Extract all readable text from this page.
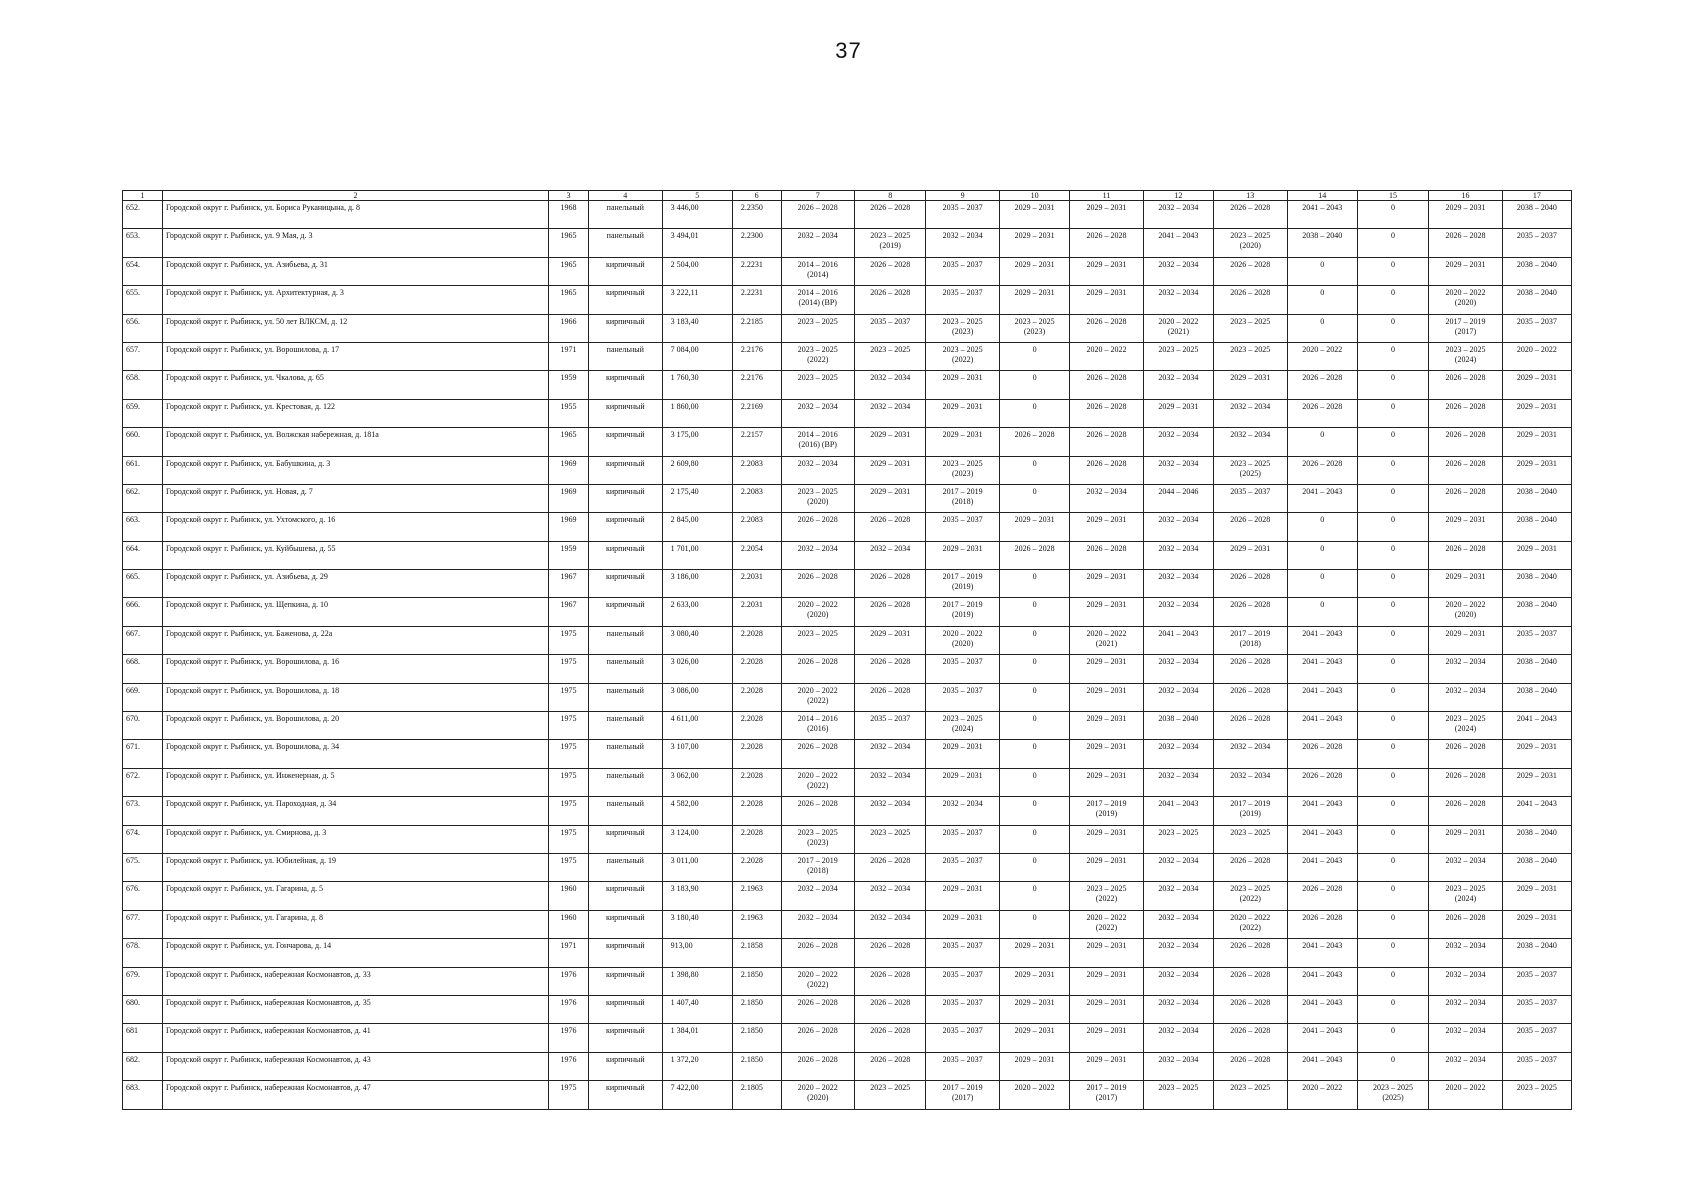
37
1	2	3	4	5	6	7	8	9	10	11	12	13	14	15	16	17

652.	Городской округ г. Рыбинск, ул. Бориса Руканицына, д. 8	1968	панельный	3 446,00	2.2350	2026 – 2028	2026 – 2028	2035 – 2037	2029 – 2031	2029 – 2031	2032 – 2034	2026 – 2028	2041 – 2043	0	2029 – 2031	2038 – 2040

653.	Городской округ г. Рыбинск, ул. 9 Мая, д. 3	1965	панельный	3 494,01	2.2300	2032 – 2034	2023 – 2025
(2019)	2032 – 2034	2029 – 2031	2026 – 2028	2041 – 2043	2023 – 2025
(2020)	2038 – 2040	0	2026 – 2028	2035 – 2037

654.	Городской округ г. Рыбинск, ул. Азибьева, д. 31	1965	кирпичный	2 504,00	2.2231	2014 – 2016
(2014)	2026 – 2028	2035 – 2037	2029 – 2031	2029 – 2031	2032 – 2034	2026 – 2028	0	0	2029 – 2031	2038 – 2040

655.	Городской округ г. Рыбинск, ул. Архитектурная, д. 3	1965	кирпичный	3 222,11	2.2231	2014 – 2016
(2014) (ВР)	2026 – 2028	2035 – 2037	2029 – 2031	2029 – 2031	2032 – 2034	2026 – 2028	0	0	2020 – 2022
(2020)	2038 – 2040

656.	Городской округ г. Рыбинск, ул. 50 лет ВЛКСМ, д. 12	1966	кирпичный	3 183,40	2.2185	2023 – 2025	2035 – 2037	2023 – 2025
(2023)	2023 – 2025
(2023)	2026 – 2028	2020 – 2022
(2021)	2023 – 2025	0	0	2017 – 2019
(2017)	2035 – 2037

657.	Городской округ г. Рыбинск, ул. Ворошилова, д. 17	1971	панельный	7 084,00	2.2176	2023 – 2025
(2022)	2023 – 2025	2023 – 2025
(2022)	0	2020 – 2022	2023 – 2025	2023 – 2025	2020 – 2022	0	2023 – 2025
(2024)	2020 – 2022

658.	Городской округ г. Рыбинск, ул. Чкалова, д. 65	1959	кирпичный	1 760,30	2.2176	2023 – 2025	2032 – 2034	2029 – 2031	0	2026 – 2028	2032 – 2034	2029 – 2031	2026 – 2028	0	2026 – 2028	2029 – 2031

659.	Городской округ г. Рыбинск, ул. Крестовая, д. 122	1955	кирпичный	1 860,00	2.2169	2032 – 2034	2032 – 2034	2029 – 2031	0	2026 – 2028	2029 – 2031	2032 – 2034	2026 – 2028	0	2026 – 2028	2029 – 2031

660.	Городской округ г. Рыбинск, ул. Волжская набережная, д. 181а	1965	кирпичный	3 175,00	2.2157	2014 – 2016
(2016) (ВР)	2029 – 2031	2029 – 2031	2026 – 2028	2026 – 2028	2032 – 2034	2032 – 2034	0	0	2026 – 2028	2029 – 2031

661.	Городской округ г. Рыбинск, ул. Бабушкина, д. 3	1969	кирпичный	2 609,80	2.2083	2032 – 2034	2029 – 2031	2023 – 2025
(2023)	0	2026 – 2028	2032 – 2034	2023 – 2025
(2025)	2026 – 2028	0	2026 – 2028	2029 – 2031

662.	Городской округ г. Рыбинск, ул. Новая, д. 7	1969	кирпичный	2 175,40	2.2083	2023 – 2025
(2020)	2029 – 2031	2017 – 2019
(2018)	0	2032 – 2034	2044 – 2046	2035 – 2037	2041 – 2043	0	2026 – 2028	2038 – 2040

663.	Городской округ г. Рыбинск, ул. Ухтомского, д. 16	1969	кирпичный	2 845,00	2.2083	2026 – 2028	2026 – 2028	2035 – 2037	2029 – 2031	2029 – 2031	2032 – 2034	2026 – 2028	0	0	2029 – 2031	2038 – 2040

664.	Городской округ г. Рыбинск, ул. Куйбышева, д. 55	1959	кирпичный	1 701,00	2.2054	2032 – 2034	2032 – 2034	2029 – 2031	2026 – 2028	2026 – 2028	2032 – 2034	2029 – 2031	0	0	2026 – 2028	2029 – 2031

665.	Городской округ г. Рыбинск, ул. Азибьева, д. 29	1967	кирпичный	3 186,00	2.2031	2026 – 2028	2026 – 2028	2017 – 2019
(2019)	0	2029 – 2031	2032 – 2034	2026 – 2028	0	0	2029 – 2031	2038 – 2040

666.	Городской округ г. Рыбинск, ул. Щепкина, д. 10	1967	кирпичный	2 633,00	2.2031	2020 – 2022
(2020)	2026 – 2028	2017 – 2019
(2019)	0	2029 – 2031	2032 – 2034	2026 – 2028	0	0	2020 – 2022
(2020)	2038 – 2040

667.	Городской округ г. Рыбинск, ул. Баженова, д. 22а	1975	панельный	3 080,40	2.2028	2023 – 2025	2029 – 2031	2020 – 2022
(2020)	0	2020 – 2022
(2021)	2041 – 2043	2017 – 2019
(2018)	2041 – 2043	0	2029 – 2031	2035 – 2037

668.	Городской округ г. Рыбинск, ул. Ворошилова, д. 16	1975	панельный	3 026,00	2.2028	2026 – 2028	2026 – 2028	2035 – 2037	0	2029 – 2031	2032 – 2034	2026 – 2028	2041 – 2043	0	2032 – 2034	2038 – 2040

669.	Городской округ г. Рыбинск, ул. Ворошилова, д. 18	1975	панельный	3 086,00	2.2028	2020 – 2022
(2022)	2026 – 2028	2035 – 2037	0	2029 – 2031	2032 – 2034	2026 – 2028	2041 – 2043	0	2032 – 2034	2038 – 2040

670.	Городской округ г. Рыбинск, ул. Ворошилова, д. 20	1975	панельный	4 611,00	2.2028	2014 – 2016
(2016)	2035 – 2037	2023 – 2025
(2024)	0	2029 – 2031	2038 – 2040	2026 – 2028	2041 – 2043	0	2023 – 2025
(2024)	2041 – 2043

671.	Городской округ г. Рыбинск, ул. Ворошилова, д. 34	1975	панельный	3 107,00	2.2028	2026 – 2028	2032 – 2034	2029 – 2031	0	2029 – 2031	2032 – 2034	2032 – 2034	2026 – 2028	0	2026 – 2028	2029 – 2031

672.	Городской округ г. Рыбинск, ул. Инженерная, д. 5	1975	панельный	3 062,00	2.2028	2020 – 2022
(2022)	2032 – 2034	2029 – 2031	0	2029 – 2031	2032 – 2034	2032 – 2034	2026 – 2028	0	2026 – 2028	2029 – 2031

673.	Городской округ г. Рыбинск, ул. Пароходная, д. 34	1975	панельный	4 582,00	2.2028	2026 – 2028	2032 – 2034	2032 – 2034	0	2017 – 2019
(2019)	2041 – 2043	2017 – 2019
(2019)	2041 – 2043	0	2026 – 2028	2041 – 2043

674.	Городской округ г. Рыбинск, ул. Смирнова, д. 3	1975	кирпичный	3 124,00	2.2028	2023 – 2025
(2023)	2023 – 2025	2035 – 2037	0	2029 – 2031	2023 – 2025	2023 – 2025	2041 – 2043	0	2029 – 2031	2038 – 2040

675.	Городской округ г. Рыбинск, ул. Юбилейная, д. 19	1975	панельный	3 011,00	2.2028	2017 – 2019
(2018)	2026 – 2028	2035 – 2037	0	2029 – 2031	2032 – 2034	2026 – 2028	2041 – 2043	0	2032 – 2034	2038 – 2040

676.	Городской округ г. Рыбинск, ул. Гагарина, д. 5	1960	кирпичный	3 183,90	2.1963	2032 – 2034	2032 – 2034	2029 – 2031	0	2023 – 2025
(2022)	2032 – 2034	2023 – 2025
(2022)	2026 – 2028	0	2023 – 2025
(2024)	2029 – 2031

677.	Городской округ г. Рыбинск, ул. Гагарина, д. 8	1960	кирпичный	3 180,40	2.1963	2032 – 2034	2032 – 2034	2029 – 2031	0	2020 – 2022
(2022)	2032 – 2034	2020 – 2022
(2022)	2026 – 2028	0	2026 – 2028	2029 – 2031

678.	Городской округ г. Рыбинск, ул. Гончарова, д. 14	1971	кирпичный	913,00	2.1858	2026 – 2028	2026 – 2028	2035 – 2037	2029 – 2031	2029 – 2031	2032 – 2034	2026 – 2028	2041 – 2043	0	2032 – 2034	2038 – 2040

679.	Городской округ г. Рыбинск, набережная Космонавтов, д. 33	1976	кирпичный	1 398,80	2.1850	2020 – 2022
(2022)	2026 – 2028	2035 – 2037	2029 – 2031	2029 – 2031	2032 – 2034	2026 – 2028	2041 – 2043	0	2032 – 2034	2035 – 2037

680.	Городской округ г. Рыбинск, набережная Космонавтов, д. 35	1976	кирпичный	1 407,40	2.1850	2026 – 2028	2026 – 2028	2035 – 2037	2029 – 2031	2029 – 2031	2032 – 2034	2026 – 2028	2041 – 2043	0	2032 – 2034	2035 – 2037

681	Городской округ г. Рыбинск, набережная Космонавтов, д. 41	1976	кирпичный	1 384,01	2.1850	2026 – 2028	2026 – 2028	2035 – 2037	2029 – 2031	2029 – 2031	2032 – 2034	2026 – 2028	2041 – 2043	0	2032 – 2034	2035 – 2037

682.	Городской округ г. Рыбинск, набережная Космонавтов, д. 43	1976	кирпичный	1 372,20	2.1850	2026 – 2028	2026 – 2028	2035 – 2037	2029 – 2031	2029 – 2031	2032 – 2034	2026 – 2028	2041 – 2043	0	2032 – 2034	2035 – 2037

683.	Городской округ г. Рыбинск, набережная Космонавтов, д. 47	1975	кирпичный	7 422,00	2.1805	2020 – 2022
(2020)	2023 – 2025	2017 – 2019
(2017)	2020 – 2022	2017 – 2019
(2017)	2023 – 2025	2023 – 2025	2020 – 2022	2023 – 2025
(2025)	2020 – 2022	2023 – 2025
